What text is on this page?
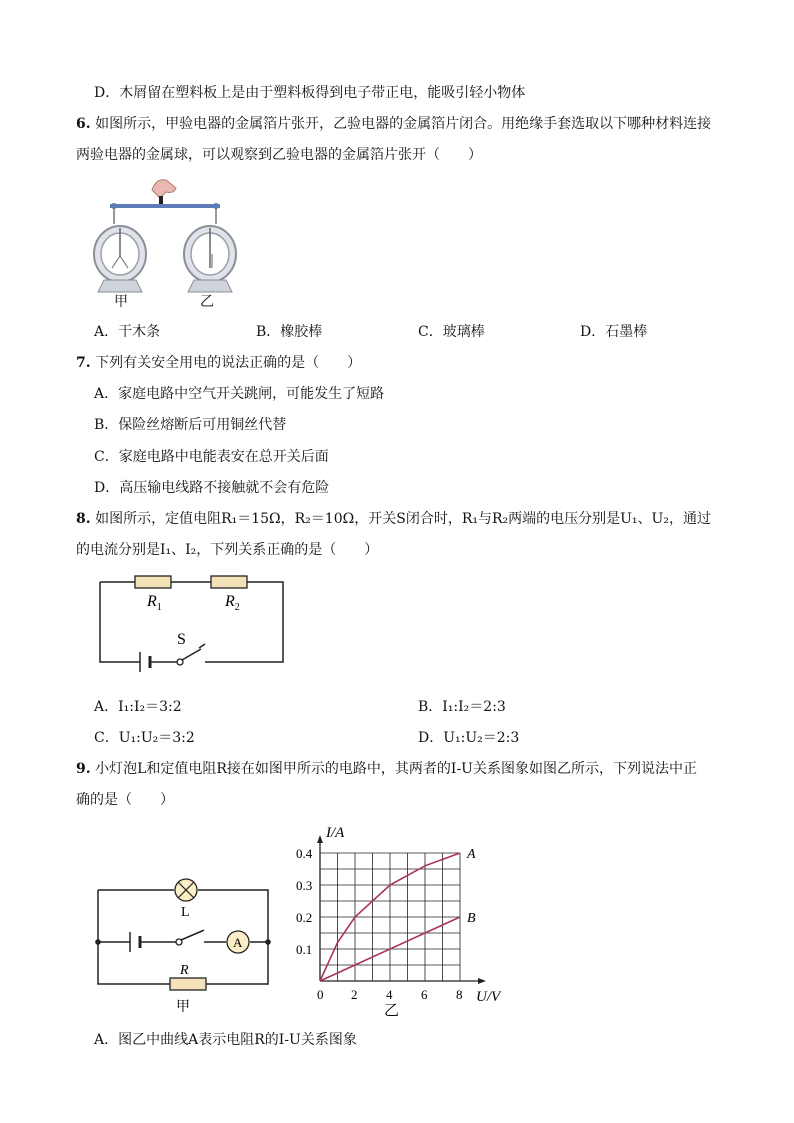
D．木屑留在塑料板上是由于塑料板得到电子带正电，能吸引轻小物体
6. 如图所示，甲验电器的金属箔片张开，乙验电器的金属箔片闭合。用绝缘手套选取以下哪种材料连接
两验电器的金属球，可以观察到乙验电器的金属箔片张开（　　）
甲	乙
A．干木条	B．橡胶棒	C．玻璃棒	D．石墨棒
7. 下列有关安全用电的说法正确的是（　　）
A．家庭电路中空气开关跳闸，可能发生了短路
B．保险丝熔断后可用铜丝代替
C．家庭电路中电能表安在总开关后面
D．高压输电线路不接触就不会有危险
8. 如图所示，定值电阻R₁＝15Ω，R₂＝10Ω，开关S闭合时，R₁与R₂两端的电压分别是U₁、U₂，通过
的电流分别是I₁、I₂，下列关系正确的是（　　）
$R_1$	$R_2$
S
A．I₁:I₂＝3:2	B．I₁:I₂＝2:3
C．U₁:U₂＝3:2	D．U₁:U₂＝2:3
9. 小灯泡L和定值电阻R接在如图甲所示的电路中，其两者的I-U关系图象如图乙所示，下列说法中正
确的是（　　）
L
A
R
甲
0 2 4 6 8
0.1
0.2
0.3
0.4	A
B
I/A
U/V
乙
A．图乙中曲线A表示电阻R的I-U关系图象
